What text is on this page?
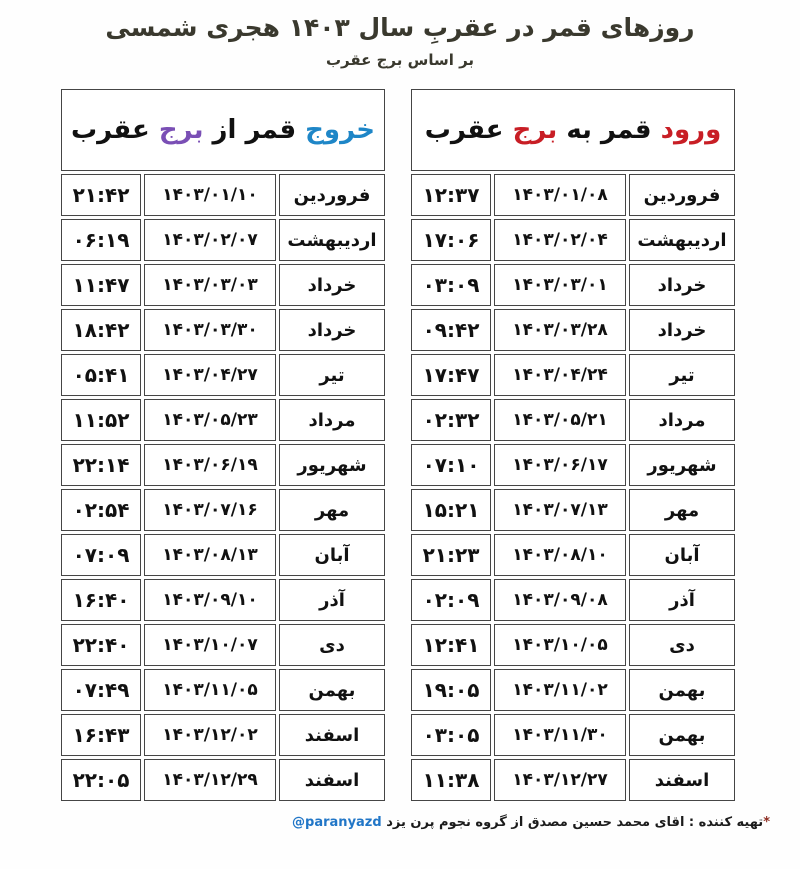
روزهای قمر در عقربِ سال ۱۴۰۳ هجری شمسی
بر اساس برج عقرب
ورود قمر به برج عقرب		
فروردین	۱۴۰۳/۰۱/۰۸	۱۲:۳۷
اردیبهشت	۱۴۰۳/۰۲/۰۴	۱۷:۰۶
خرداد	۱۴۰۳/۰۳/۰۱	۰۳:۰۹
خرداد	۱۴۰۳/۰۳/۲۸	۰۹:۴۲
تیر	۱۴۰۳/۰۴/۲۴	۱۷:۴۷
مرداد	۱۴۰۳/۰۵/۲۱	۰۲:۳۲
شهریور	۱۴۰۳/۰۶/۱۷	۰۷:۱۰
مهر	۱۴۰۳/۰۷/۱۳	۱۵:۲۱
آبان	۱۴۰۳/۰۸/۱۰	۲۱:۲۳
آذر	۱۴۰۳/۰۹/۰۸	۰۲:۰۹
دی	۱۴۰۳/۱۰/۰۵	۱۲:۴۱
بهمن	۱۴۰۳/۱۱/۰۲	۱۹:۰۵
بهمن	۱۴۰۳/۱۱/۳۰	۰۳:۰۵
اسفند	۱۴۰۳/۱۲/۲۷	۱۱:۳۸
خروج قمر از برج عقرب		
فروردین	۱۴۰۳/۰۱/۱۰	۲۱:۴۲
اردیبهشت	۱۴۰۳/۰۲/۰۷	۰۶:۱۹
خرداد	۱۴۰۳/۰۳/۰۳	۱۱:۴۷
خرداد	۱۴۰۳/۰۳/۳۰	۱۸:۴۲
تیر	۱۴۰۳/۰۴/۲۷	۰۵:۴۱
مرداد	۱۴۰۳/۰۵/۲۳	۱۱:۵۲
شهریور	۱۴۰۳/۰۶/۱۹	۲۲:۱۴
مهر	۱۴۰۳/۰۷/۱۶	۰۲:۵۴
آبان	۱۴۰۳/۰۸/۱۳	۰۷:۰۹
آذر	۱۴۰۳/۰۹/۱۰	۱۶:۴۰
دی	۱۴۰۳/۱۰/۰۷	۲۲:۴۰
بهمن	۱۴۰۳/۱۱/۰۵	۰۷:۴۹
اسفند	۱۴۰۳/۱۲/۰۲	۱۶:۴۳
اسفند	۱۴۰۳/۱۲/۲۹	۲۲:۰۵
*تهیه کننده : اقای محمد حسین مصدق از گروه نجوم پرن یزد @paranyazd
